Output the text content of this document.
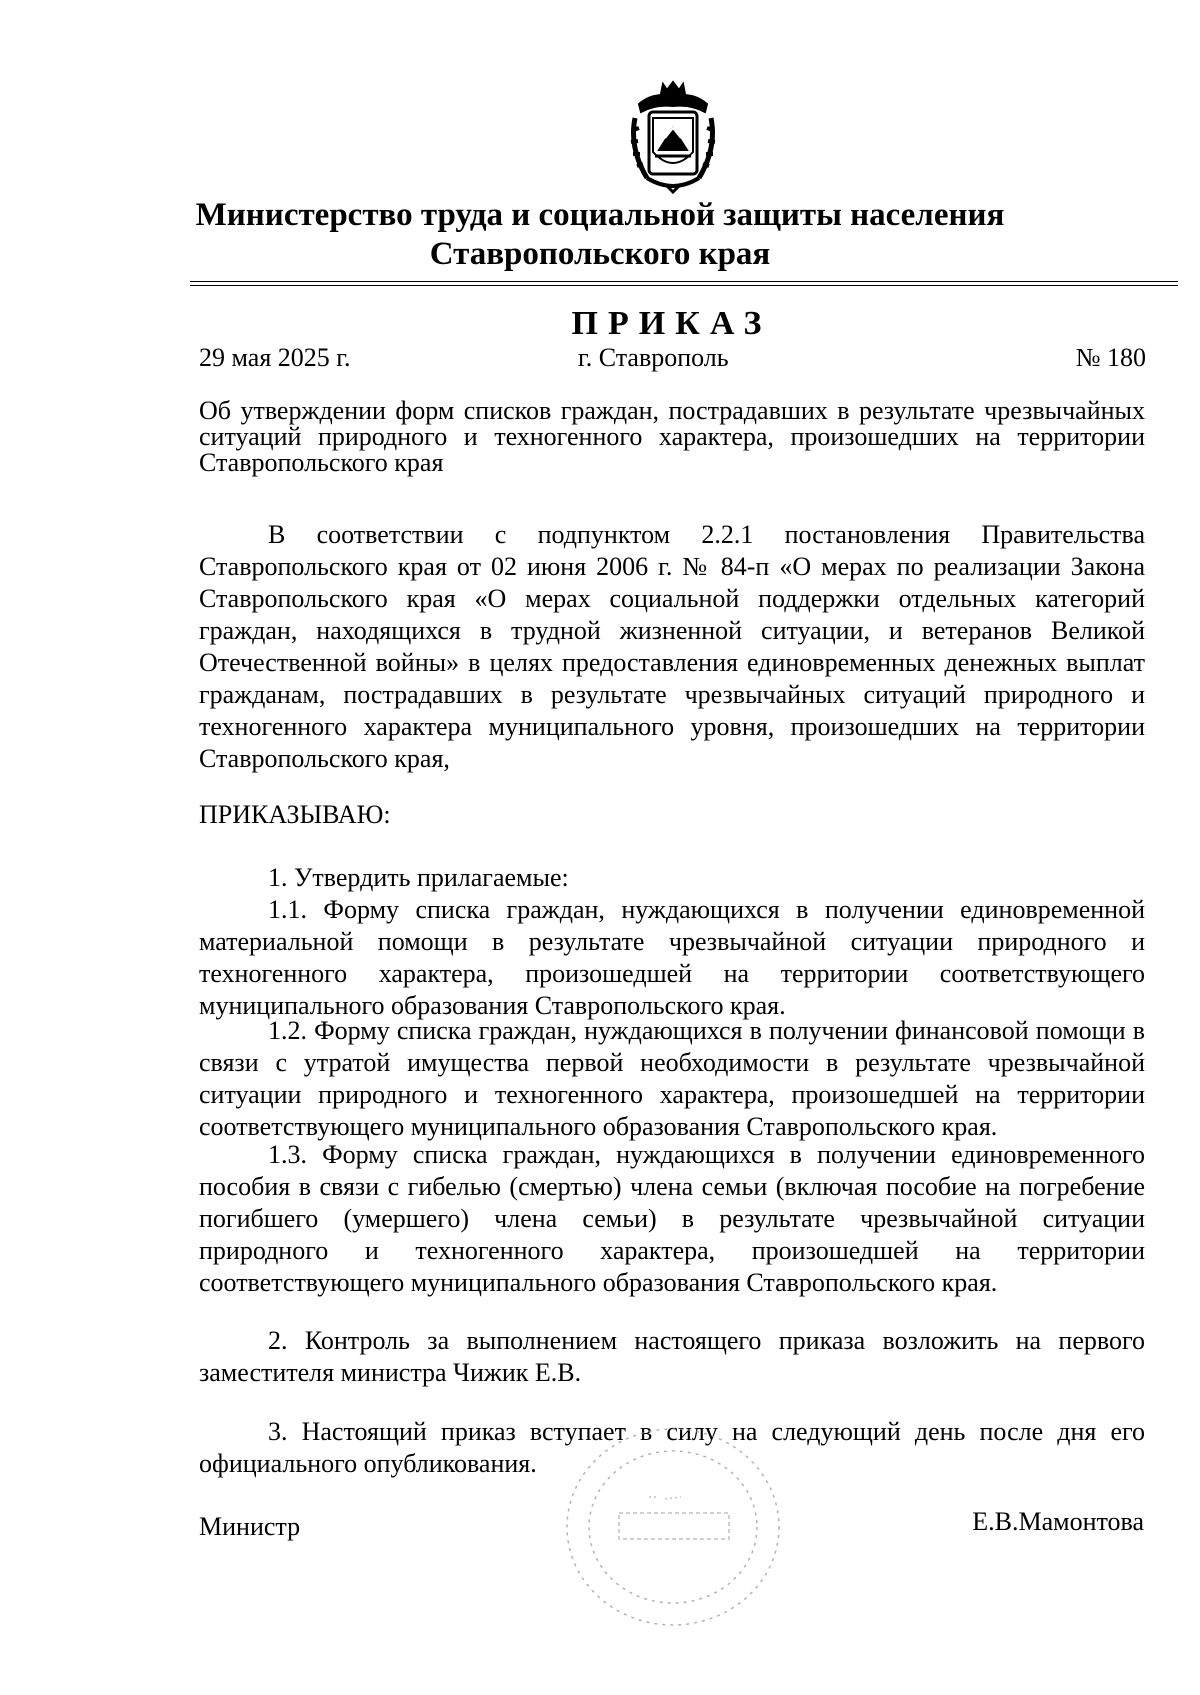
Министерство труда и социальной защиты населения
Ставропольского края
ПРИКАЗ
29 мая 2025 г.	г. Ставрополь	№ 180
Об утверждении форм списков граждан, пострадавших в результате чрезвычайных ситуаций природного и техногенного характера, произошедших на территории Ставропольского края
В соответствии с подпунктом 2.2.1 постановления Правительства Ставропольского края от 02 июня 2006 г. № 84-п «О мерах по реализации Закона Ставропольского края «О мерах социальной поддержки отдельных категорий граждан, находящихся в трудной жизненной ситуации, и ветеранов Великой Отечественной войны» в целях предоставления единовременных денежных выплат гражданам, пострадавших в результате чрезвычайных ситуаций природного и техногенного характера муниципального уровня, произошедших на территории Ставропольского края,
ПРИКАЗЫВАЮ:
1. Утвердить прилагаемые:
1.1. Форму списка граждан, нуждающихся в получении единовременной материальной помощи в результате чрезвычайной ситуации природного и техногенного характера, произошедшей на территории соответствующего муниципального образования Ставропольского края.
1.2. Форму списка граждан, нуждающихся в получении финансовой помощи в связи с утратой имущества первой необходимости в результате чрезвычайной ситуации природного и техногенного характера, произошедшей на территории соответствующего муниципального образования Ставропольского края.
1.3. Форму списка граждан, нуждающихся в получении единовременного пособия в связи с гибелью (смертью) члена семьи (включая пособие на погребение погибшего (умершего) члена семьи) в результате чрезвычайной ситуации природного и техногенного характера, произошедшей на территории соответствующего муниципального образования Ставропольского края.
2. Контроль за выполнением настоящего приказа возложить на первого заместителя министра Чижик Е.В.
3. Настоящий приказ вступает в силу на следующий день после дня его официального опубликования.
Министр	Е.В.Мамонтова
